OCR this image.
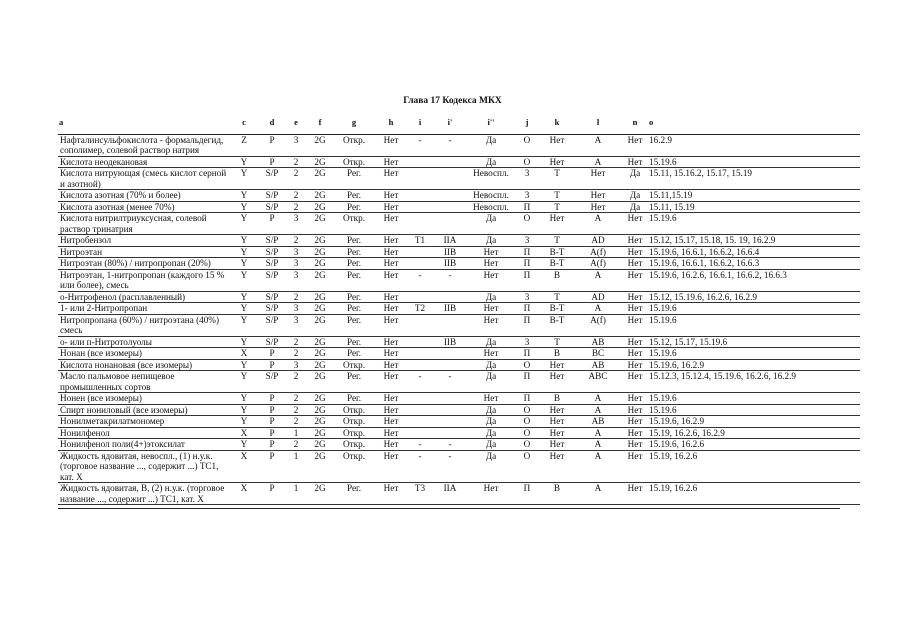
Глава 17 Кодекса МКХ
a	c	d	e	f	g	h	i	i'	i''	j	k	l	n	o
Нафталинсульфокислота - формальдегид, сополимер, солевой раствор натрия	Z	P	3	2G	Откр.	Нет	-	-	Да	О	Нет	A	Нет	16.2.9
Кислота неодекановая	Y	P	2	2G	Откр.	Нет			Да	О	Нет	A	Нет	15.19.6
Кислота нитрующая (смесь кислот серной и азотной)	Y	S/P	2	2G	Рег.	Нет			Невоспл.	3	T	Нет	Да	15.11, 15.16.2, 15.17, 15.19
Кислота азотная (70% и более)	Y	S/P	2	2G	Рег.	Нет			Невоспл.	3	T	Нет	Да	15.11,15.19
Кислота азотная (менее 70%)	Y	S/P	2	2G	Рег.	Нет			Невоспл.	П	T	Нет	Да	15.11, 15.19
Кислота нитрилтриуксусная, солевой раствор тринатрия	Y	P	3	2G	Откр.	Нет			Да	О	Нет	A	Нет	15.19.6
Нитробензол	Y	S/P	2	2G	Рег.	Нет	T1	IIA	Да	3	T	AD	Нет	15.12, 15.17, 15.18, 15. 19, 16.2.9
Нитроэтан	Y	S/P	3	2G	Рег.	Нет		IIB	Нет	П	B-T	A(f)	Нет	15.19.6, 16.6.1, 16.6.2, 16.6.4
Нитроэтан (80%) / нитропропан (20%)	Y	S/P	3	2G	Рег.	Нет		IIB	Нет	П	B-T	A(f)	Нет	15.19.6, 16.6.1, 16.6.2, 16.6.3
Нитроэтан, 1-нитропропан (каждого 15 % или более), смесь	Y	S/P	3	2G	Рег.	Нет	-	-	Нет	П	B	A	Нет	15.19.6, 16.2.6, 16.6.1, 16.6.2, 16.6.3
о-Нитрофенол (расплавленный)	Y	S/P	2	2G	Рег.	Нет			Да	3	T	AD	Нет	15.12, 15.19.6, 16.2.6, 16.2.9
1- или 2-Нитропропан	Y	S/P	3	2G	Рег.	Нет	T2	IIB	Нет	П	B-T	A	Нет	15.19.6
Нитропропана (60%) / нитроэтана (40%) смесь	Y	S/P	3	2G	Рег.	Нет			Нет	П	B-T	A(f)	Нет	15.19.6
о- или п-Нитротолуолы	Y	S/P	2	2G	Рег.	Нет		IIB	Да	3	T	AB	Нет	15.12, 15.17, 15.19.6
Нонан (все изомеры)	X	P	2	2G	Рег.	Нет			Нет	П	B	BC	Нет	15.19.6
Кислота нонановая (все изомеры)	Y	P	3	2G	Откр.	Нет			Да	О	Нет	AB	Нет	15.19.6, 16.2.9
Масло пальмовое непищевое промышленных сортов	Y	S/P	2	2G	Рег.	Нет	-	-	Да	П	Нет	ABC	Нет	15.12.3, 15.12.4, 15.19.6, 16.2.6, 16.2.9
Нонен (все изомеры)	Y	P	2	2G	Рег.	Нет			Нет	П	B	A	Нет	15.19.6
Спирт нониловый (все изомеры)	Y	P	2	2G	Откр.	Нет			Да	О	Нет	A	Нет	15.19.6
Нонилметакрилатмономер	Y	P	2	2G	Откр.	Нет			Да	О	Нет	AB	Нет	15.19.6, 16.2.9
Нонилфенол	X	P	1	2G	Откр.	Нет			Да	О	Нет	A	Нет	15.19, 16.2.6, 16.2.9
Нонилфенол поли(4+)этоксилат	Y	P	2	2G	Откр.	Нет	-	-	Да	О	Нет	A	Нет	15.19.6, 16.2.6
Жидкость ядовитая, невоспл., (1) н.у.к. (торговое название ..., содержит ...) TC1, кат. X	X	P	1	2G	Откр.	Нет	-	-	Да	О	Нет	A	Нет	15.19, 16.2.6
Жидкость ядовитая, В, (2) н.у.к. (торговое название ..., содержит ...) TC1, кат. X	X	P	1	2G	Рег.	Нет	T3	IIA	Нет	П	B	A	Нет	15.19, 16.2.6
